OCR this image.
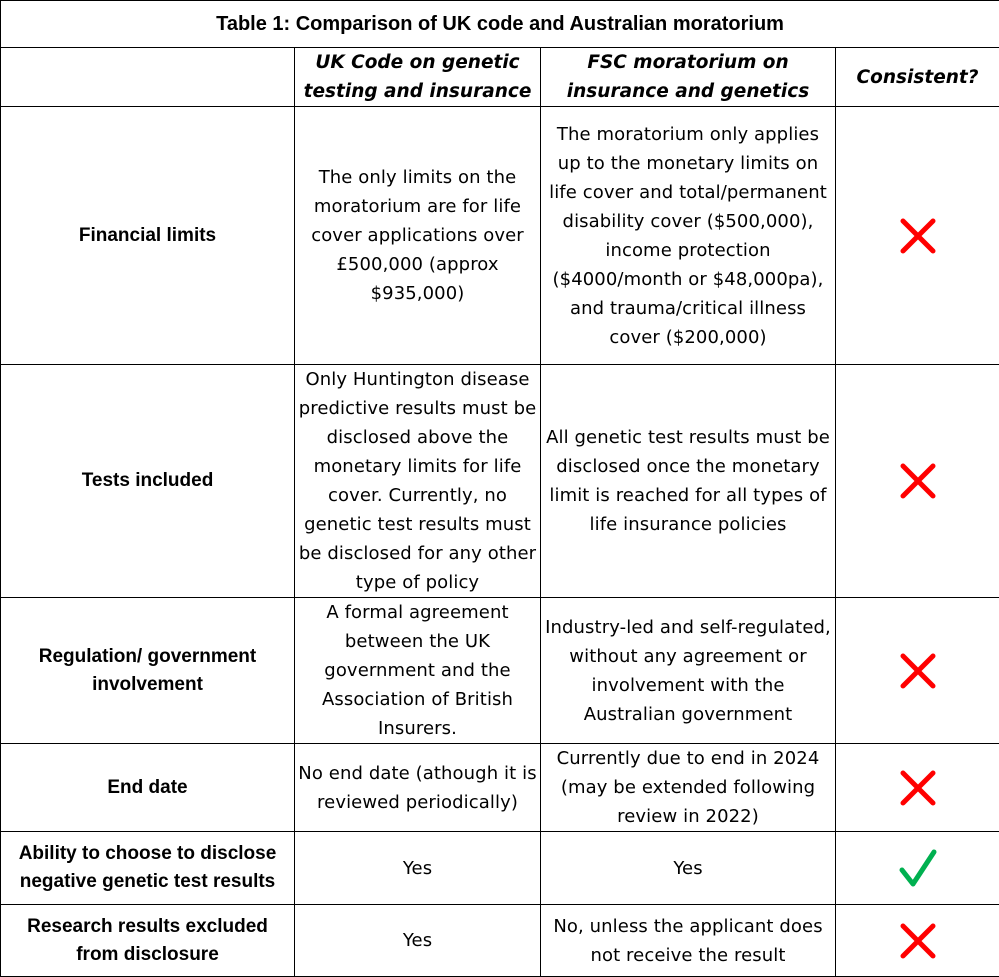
Table 1: Comparison of UK code and Australian moratorium			
	UK Code on genetic testing and insurance	FSC moratorium on insurance and genetics	Consistent?
Financial limits	The only limits on the moratorium are for life cover applications over £500,000 (approx $935,000)	The moratorium only applies up to the monetary limits on life cover and total/permanent disability cover ($500,000), income protection ($4000/month or $48,000pa), and trauma/critical illness cover ($200,000)	

Tests included	Only Huntington disease predictive results must be disclosed above the monetary limits for life cover. Currently, no genetic test results must be disclosed for any other type of policy	All genetic test results must be disclosed once the monetary limit is reached for all types of life insurance policies	

Regulation/ government involvement	A formal agreement between the UK government and the Association of British Insurers.	Industry-led and self-regulated, without any agreement or involvement with the Australian government	

End date	No end date (athough it is reviewed periodically)	Currently due to end in 2024 (may be extended following review in 2022)	

Ability to choose to disclose negative genetic test results	Yes	Yes	

Research results excluded from disclosure	Yes	No, unless the applicant does not receive the result	
